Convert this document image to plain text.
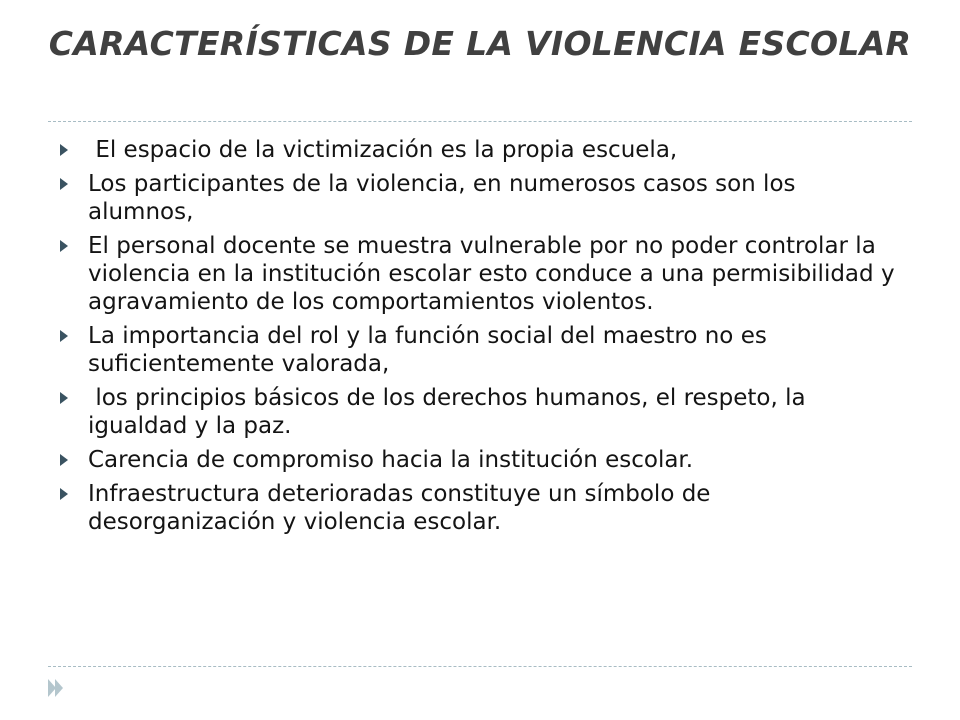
CARACTERÍSTICAS DE LA VIOLENCIA ESCOLAR
El espacio de la victimización es la propia escuela,
Los participantes de la violencia, en numerosos casos son los alumnos,
El personal docente se muestra vulnerable por no poder controlar la violencia en la institución escolar esto conduce a una permisibilidad y agravamiento de los comportamientos violentos.
La importancia del rol y la función social del maestro no es suficientemente valorada,
los principios básicos de los derechos humanos, el respeto, la igualdad y la paz.
Carencia de compromiso hacia la institución escolar.
Infraestructura deterioradas constituye un símbolo de desorganización y violencia escolar.
